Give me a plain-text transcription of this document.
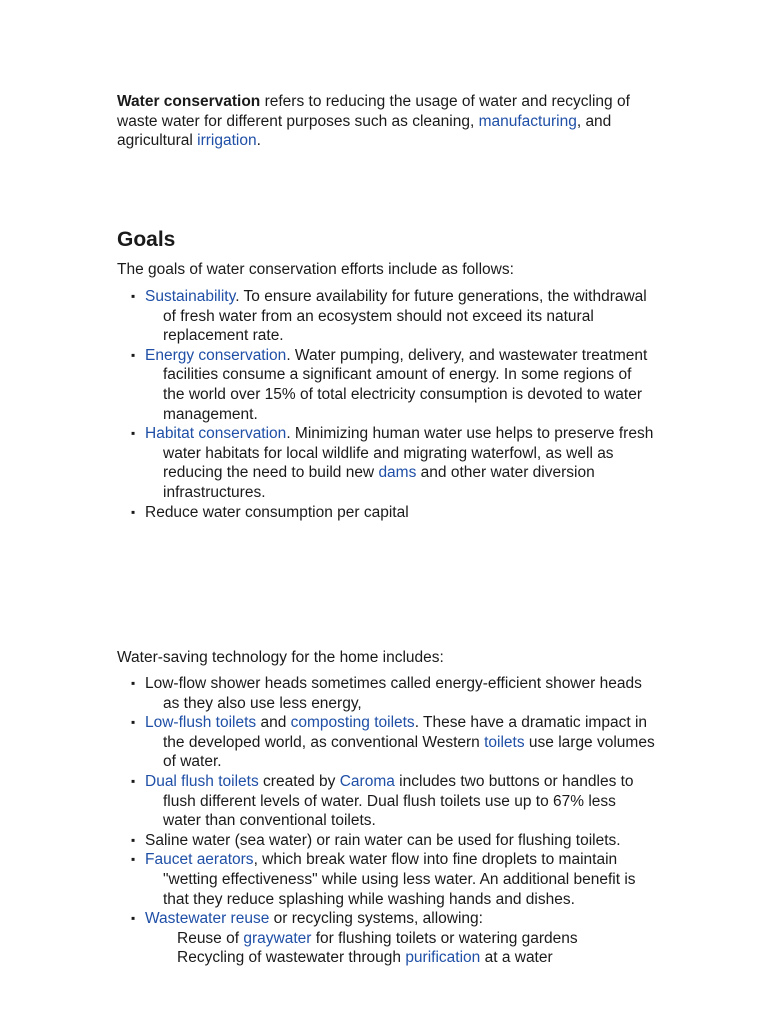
Water conservation refers to reducing the usage of water and recycling of waste water for different purposes such as cleaning, manufacturing, and agricultural irrigation.

Goals

The goals of water conservation efforts include as follows:

▪ Sustainability. To ensure availability for future generations, the withdrawal of fresh water from an ecosystem should not exceed its natural replacement rate.
▪ Energy conservation. Water pumping, delivery, and wastewater treatment facilities consume a significant amount of energy. In some regions of the world over 15% of total electricity consumption is devoted to water management.
▪ Habitat conservation. Minimizing human water use helps to preserve fresh water habitats for local wildlife and migrating waterfowl, as well as reducing the need to build new dams and other water diversion infrastructures.
▪ Reduce water consumption per capital

Water-saving technology for the home includes:

▪ Low-flow shower heads sometimes called energy-efficient shower heads as they also use less energy,
▪ Low-flush toilets and composting toilets. These have a dramatic impact in the developed world, as conventional Western toilets use large volumes of water.
▪ Dual flush toilets created by Caroma includes two buttons or handles to flush different levels of water. Dual flush toilets use up to 67% less water than conventional toilets.
▪ Saline water (sea water) or rain water can be used for flushing toilets.
▪ Faucet aerators, which break water flow into fine droplets to maintain "wetting effectiveness" while using less water. An additional benefit is that they reduce splashing while washing hands and dishes.
▪ Wastewater reuse or recycling systems, allowing:
Reuse of graywater for flushing toilets or watering gardens
Recycling of wastewater through purification at a water
